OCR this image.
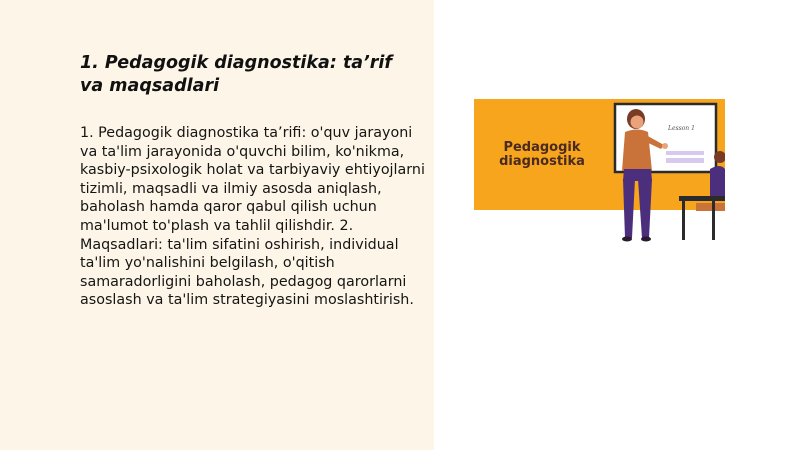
1. Pedagogik diagnostika: ta’rif va maqsadlari

1. Pedagogik diagnostika ta’rifi: o'quv jarayoni va ta'lim jarayonida o'quvchi bilim, ko'nikma, kasbiy-psixologik holat va tarbiyaviy ehtiyojlarni tizimli, maqsadli va ilmiy asosda aniqlash, baholash hamda qaror qabul qilish uchun ma'lumot to'plash va tahlil qilishdir. 2. Maqsadlari: ta'lim sifatini oshirish, individual ta'lim yo'nalishini belgilash, o'qitish samaradorligini baholash, pedagog qarorlarni asoslash va ta'lim strategiyasini moslashtirish.

Lesson 1
Pedagogik
diagnostika
